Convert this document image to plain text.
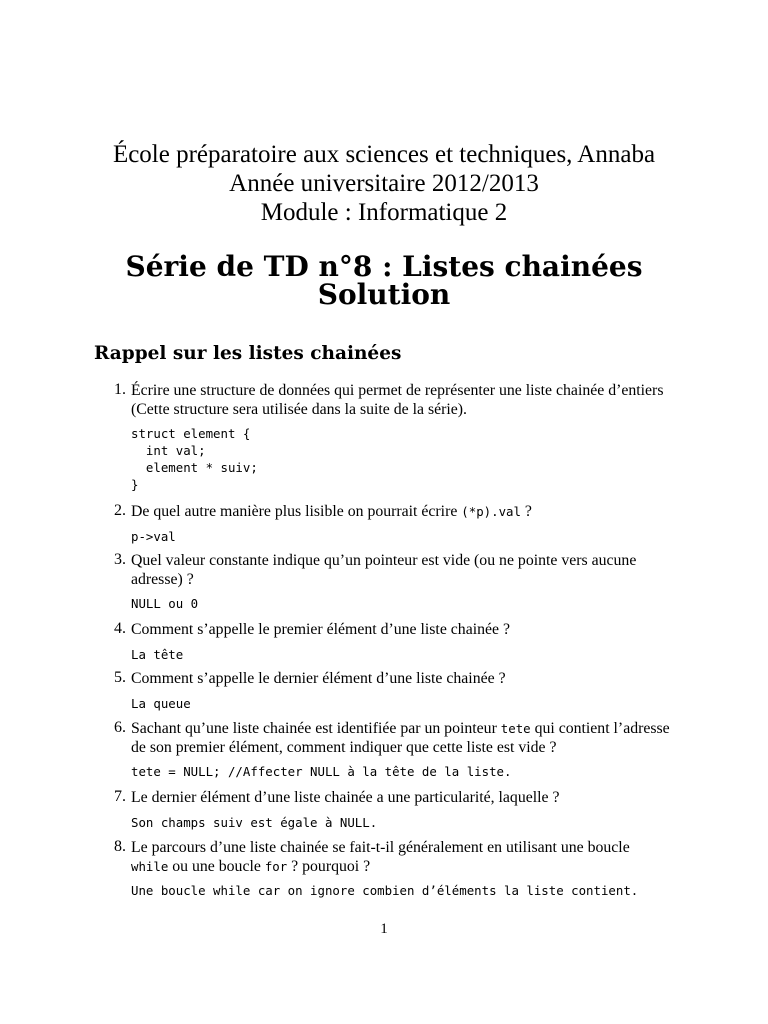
École préparatoire aux sciences et techniques, Annaba
Année universitaire 2012/2013
Module : Informatique 2
Série de TD n°8 : Listes chainées
Solution
Rappel sur les listes chainées
1. Écrire une structure de données qui permet de représenter une liste chainée d’entiers
(Cette structure sera utilisée dans la suite de la série).
struct element {
int val;
element * suiv;
}
2. De quel autre manière plus lisible on pourrait écrire (*p).val ?
p->val
3. Quel valeur constante indique qu’un pointeur est vide (ou ne pointe vers aucune
adresse) ?
NULL ou 0
4. Comment s’appelle le premier élément d’une liste chainée ?
La tête
5. Comment s’appelle le dernier élément d’une liste chainée ?
La queue
6. Sachant qu’une liste chainée est identifiée par un pointeur tete qui contient l’adresse
de son premier élément, comment indiquer que cette liste est vide ?
tete = NULL; //Affecter NULL à la tête de la liste.
7. Le dernier élément d’une liste chainée a une particularité, laquelle ?
Son champs suiv est égale à NULL.
8. Le parcours d’une liste chainée se fait-t-il généralement en utilisant une boucle
while ou une boucle for ? pourquoi ?
Une boucle while car on ignore combien d’éléments la liste contient.
1
